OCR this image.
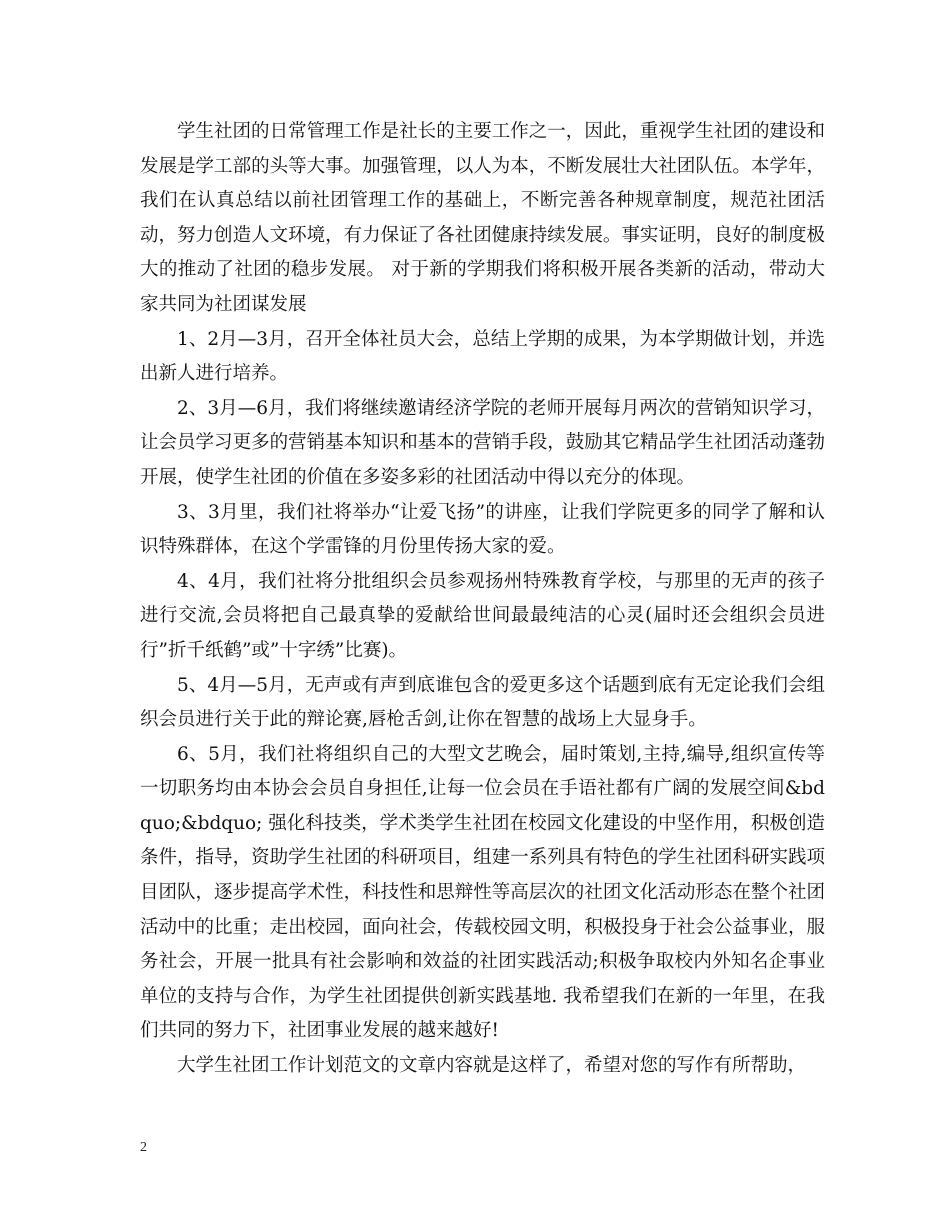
学生社团的日常管理工作是社长的主要工作之一，因此，重视学生社团的建设和发展是学工部的头等大事。加强管理，以人为本，不断发展壮大社团队伍。本学年，我们在认真总结以前社团管理工作的基础上，不断完善各种规章制度，规范社团活动，努力创造人文环境，有力保证了各社团健康持续发展。事实证明，良好的制度极大的推动了社团的稳步发展。 对于新的学期我们将积极开展各类新的活动，带动大家共同为社团谋发展

1、2月—3月，召开全体社员大会，总结上学期的成果，为本学期做计划，并选出新人进行培养。

2、3月—6月，我们将继续邀请经济学院的老师开展每月两次的营销知识学习，让会员学习更多的营销基本知识和基本的营销手段，鼓励其它精品学生社团活动蓬勃开展，使学生社团的价值在多姿多彩的社团活动中得以充分的体现。

3、3月里，我们社将举办“让爱飞扬”的讲座，让我们学院更多的同学了解和认识特殊群体，在这个学雷锋的月份里传扬大家的爱。

4、4月，我们社将分批组织会员参观扬州特殊教育学校，与那里的无声的孩子进行交流,会员将把自己最真挚的爱献给世间最最纯洁的心灵(届时还会组织会员进行”折千纸鹤”或”十字绣”比赛)。

5、4月—5月，无声或有声到底谁包含的爱更多这个话题到底有无定论我们会组织会员进行关于此的辩论赛,唇枪舌剑,让你在智慧的战场上大显身手。

6、5月，我们社将组织自己的大型文艺晚会，届时策划,主持,编导,组织宣传等一切职务均由本协会会员自身担任,让每一位会员在手语社都有广阔的发展空间&bdquo;&bdquo; 强化科技类，学术类学生社团在校园文化建设的中坚作用，积极创造条件，指导，资助学生社团的科研项目，组建一系列具有特色的学生社团科研实践项目团队，逐步提高学术性，科技性和思辩性等高层次的社团文化活动形态在整个社团活动中的比重；走出校园，面向社会，传载校园文明，积极投身于社会公益事业，服务社会，开展一批具有社会影响和效益的社团实践活动;积极争取校内外知名企事业单位的支持与合作，为学生社团提供创新实践基地. 我希望我们在新的一年里，在我们共同的努力下，社团事业发展的越来越好!

大学生社团工作计划范文的文章内容就是这样了，希望对您的写作有所帮助，

2
